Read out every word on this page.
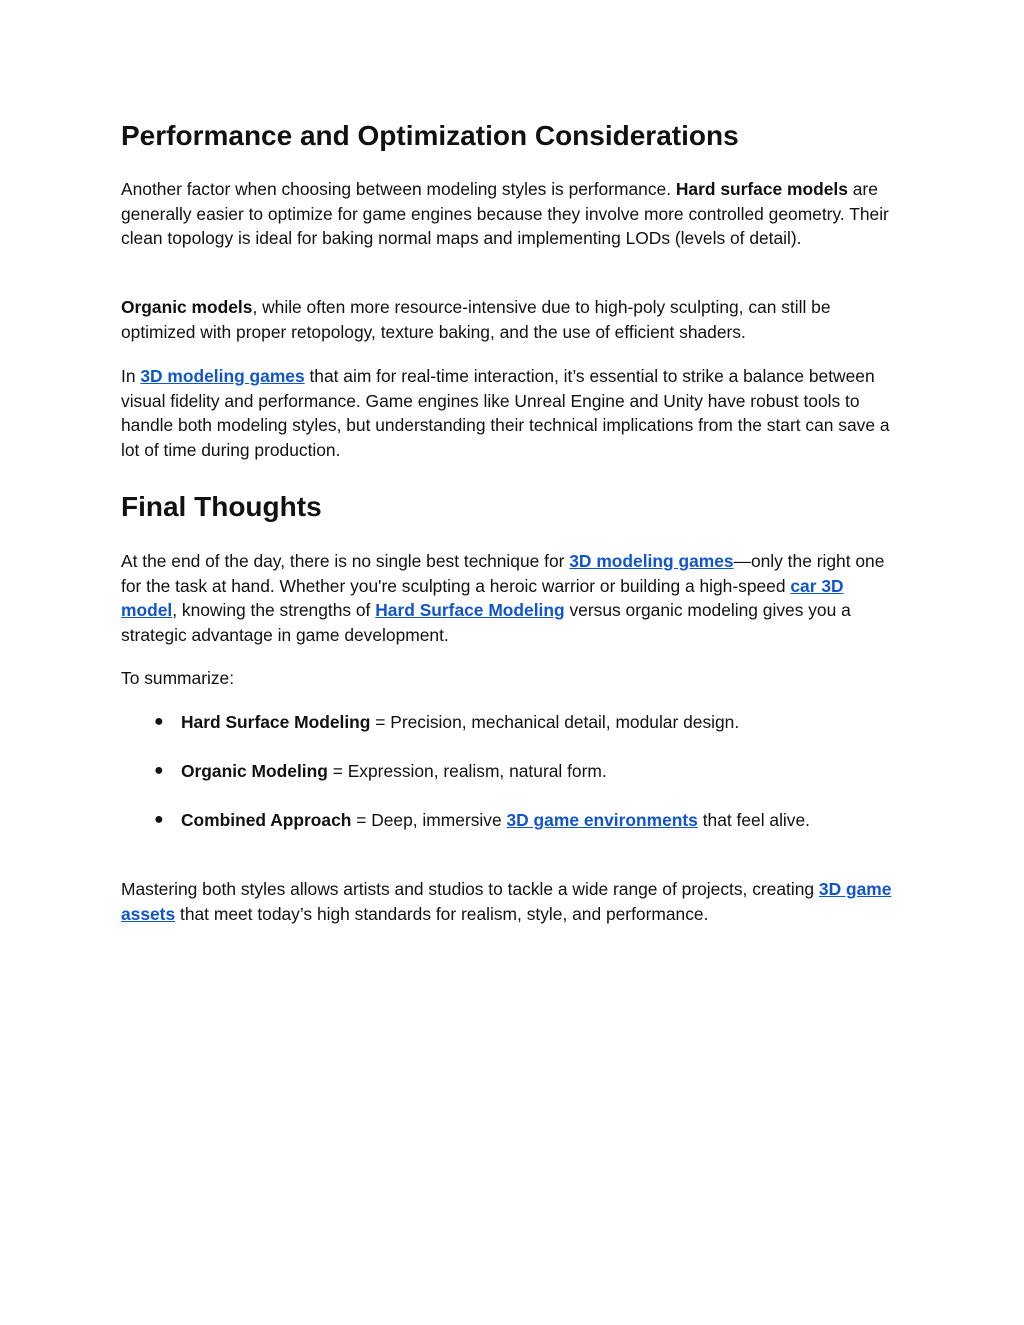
Performance and Optimization Considerations

Another factor when choosing between modeling styles is performance. Hard surface models are generally easier to optimize for game engines because they involve more controlled geometry. Their clean topology is ideal for baking normal maps and implementing LODs (levels of detail).

Organic models, while often more resource-intensive due to high-poly sculpting, can still be optimized with proper retopology, texture baking, and the use of efficient shaders.

In 3D modeling games that aim for real-time interaction, it’s essential to strike a balance between visual fidelity and performance. Game engines like Unreal Engine and Unity have robust tools to handle both modeling styles, but understanding their technical implications from the start can save a lot of time during production.

Final Thoughts

At the end of the day, there is no single best technique for 3D modeling games—only the right one for the task at hand. Whether you're sculpting a heroic warrior or building a high-speed car 3D model, knowing the strengths of Hard Surface Modeling versus organic modeling gives you a strategic advantage in game development.

To summarize:

● Hard Surface Modeling = Precision, mechanical detail, modular design.
● Organic Modeling = Expression, realism, natural form.
● Combined Approach = Deep, immersive 3D game environments that feel alive.

Mastering both styles allows artists and studios to tackle a wide range of projects, creating 3D game assets that meet today’s high standards for realism, style, and performance.
